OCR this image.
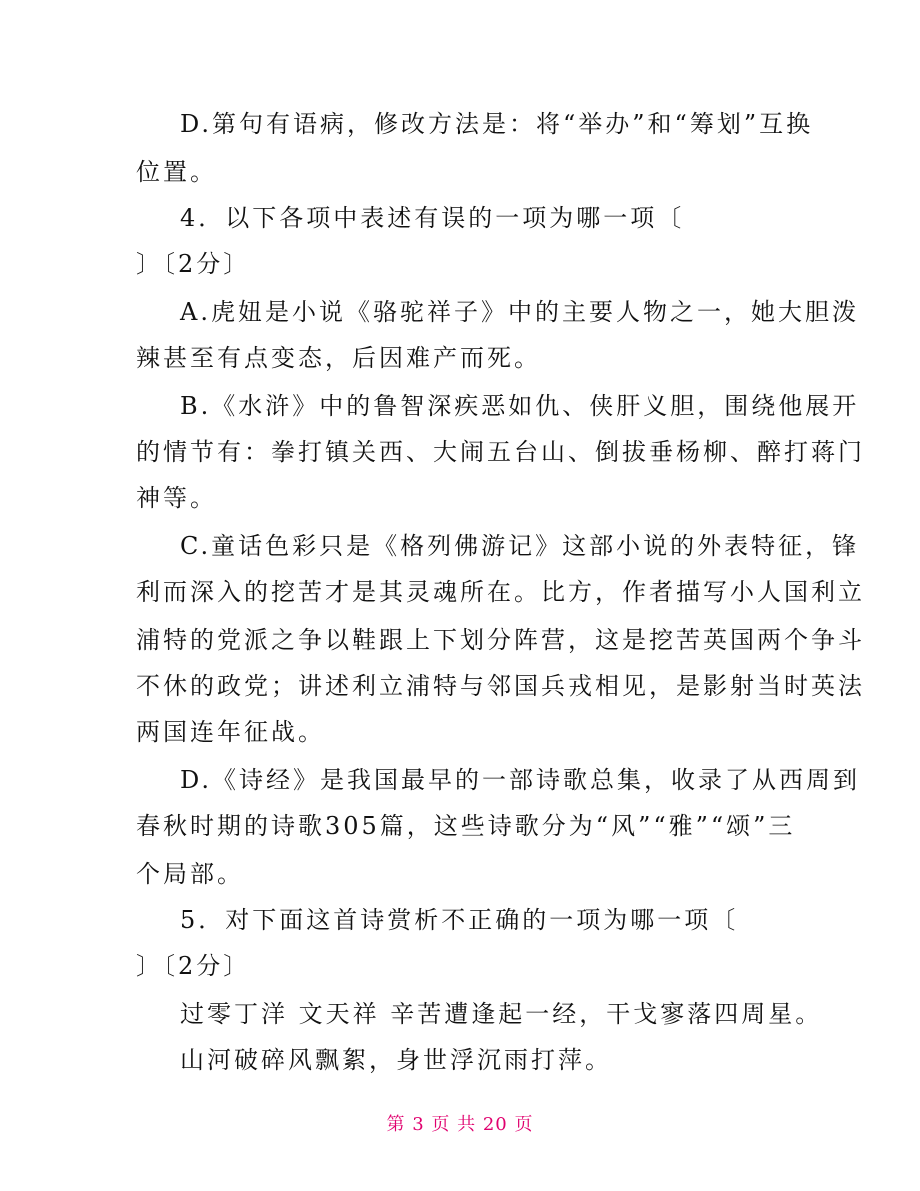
D.第句有语病，修改方法是：将“举办”和“筹划”互换
位置。
4．以下各项中表述有误的一项为哪一项〔
〕〔2分〕
A.虎妞是小说《骆驼祥子》中的主要人物之一，她大胆泼
辣甚至有点变态，后因难产而死。
B.《水浒》中的鲁智深疾恶如仇、侠肝义胆，围绕他展开
的情节有：拳打镇关西、大闹五台山、倒拔垂杨柳、醉打蒋门
神等。
C.童话色彩只是《格列佛游记》这部小说的外表特征，锋
利而深入的挖苦才是其灵魂所在。比方，作者描写小人国利立
浦特的党派之争以鞋跟上下划分阵营，这是挖苦英国两个争斗
不休的政党；讲述利立浦特与邻国兵戎相见，是影射当时英法
两国连年征战。
D.《诗经》是我国最早的一部诗歌总集，收录了从西周到
春秋时期的诗歌305篇，这些诗歌分为“风”“雅”“颂”三
个局部。
5．对下面这首诗赏析不正确的一项为哪一项〔
〕〔2分〕
过零丁洋 文天祥 辛苦遭逢起一经，干戈寥落四周星。
山河破碎风飘絮，身世浮沉雨打萍。
第 3 页 共 20 页
